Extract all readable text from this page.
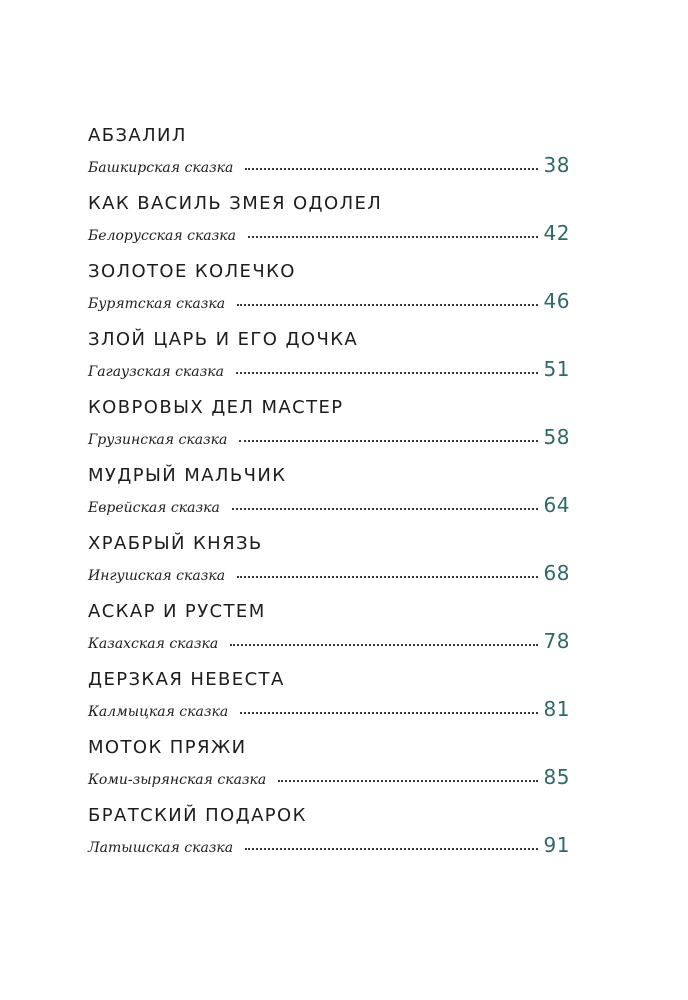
АБЗАЛИЛ
Башкирская сказка	38
КАК ВАСИЛЬ ЗМЕЯ ОДОЛЕЛ
Белорусская сказка	42
ЗОЛОТОЕ КОЛЕЧКО
Бурятская сказка	46
ЗЛОЙ ЦАРЬ И ЕГО ДОЧКА
Гагаузская сказка	51
КОВРОВЫХ ДЕЛ МАСТЕР
Грузинская сказка	58
МУДРЫЙ МАЛЬЧИК
Еврейская сказка	64
ХРАБРЫЙ КНЯЗЬ
Ингушская сказка	68
АСКАР И РУСТЕМ
Казахская сказка	78
ДЕРЗКАЯ НЕВЕСТА
Калмыцкая сказка	81
МОТОК ПРЯЖИ
Коми-зырянская сказка	85
БРАТСКИЙ ПОДАРОК
Латышская сказка	91
